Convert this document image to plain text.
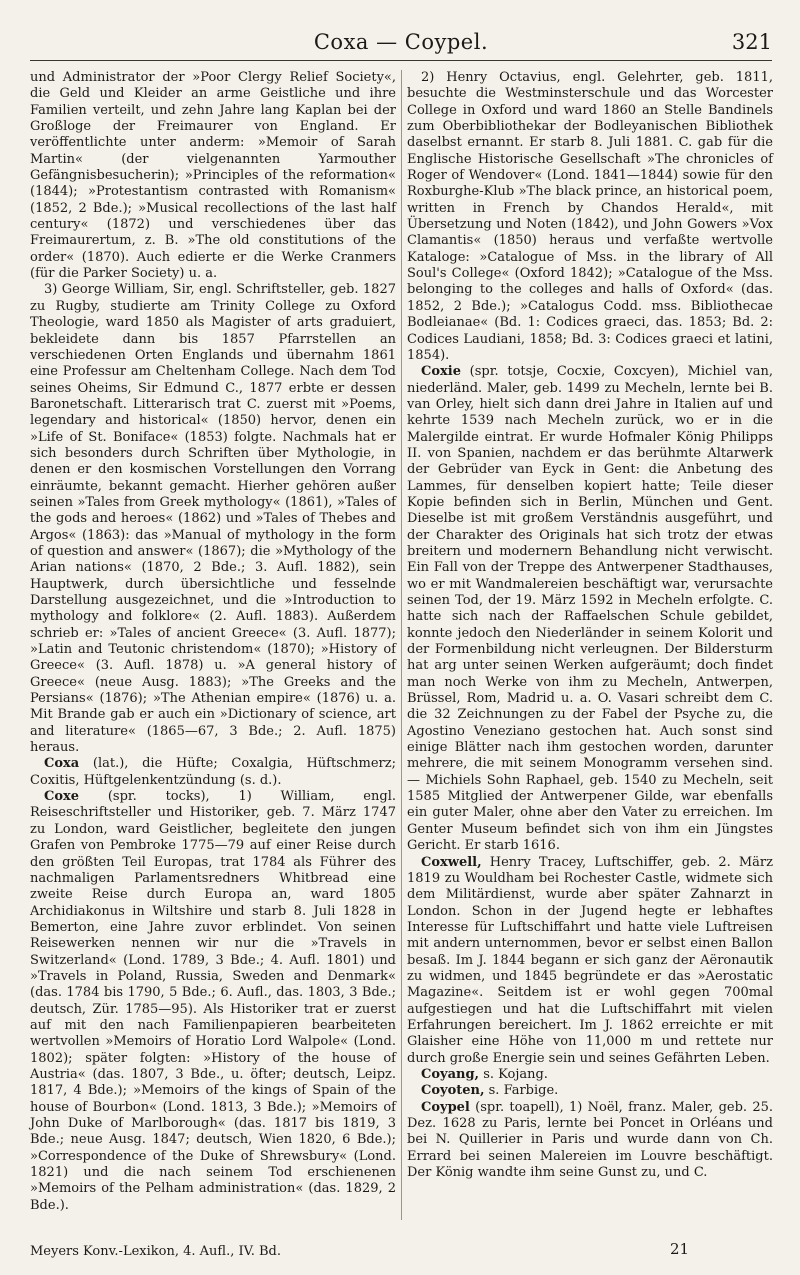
Coxa — Coypel.	321

und Administrator der »Poor Clergy Relief Society«, die Geld und Kleider an arme Geistliche und ihre Familien verteilt, und zehn Jahre lang Kaplan bei der Großloge der Freimaurer von England. Er veröffentlichte unter anderm: »Memoir of Sarah Martin« (der vielgenannten Yarmouther Gefängnisbesucherin); »Principles of the reformation« (1844); »Protestantism contrasted with Romanism« (1852, 2 Bde.); »Musical recollections of the last half century« (1872) und verschiedenes über das Freimaurertum, z. B. »The old constitutions of the order« (1870). Auch edierte er die Werke Cranmers (für die Parker Society) u. a.

3) George William, Sir, engl. Schriftsteller, geb. 1827 zu Rugby, studierte am Trinity College zu Oxford Theologie, ward 1850 als Magister of arts graduiert, bekleidete dann bis 1857 Pfarrstellen an verschiedenen Orten Englands und übernahm 1861 eine Professur am Cheltenham College. Nach dem Tod seines Oheims, Sir Edmund C., 1877 erbte er dessen Baronetschaft. Litterarisch trat C. zuerst mit »Poems, legendary and historical« (1850) hervor, denen ein »Life of St. Boniface« (1853) folgte. Nachmals hat er sich besonders durch Schriften über Mythologie, in denen er den kosmischen Vorstellungen den Vorrang einräumte, bekannt gemacht. Hierher gehören außer seinen »Tales from Greek mythology« (1861), »Tales of the gods and heroes« (1862) und »Tales of Thebes and Argos« (1863): das »Manual of mythology in the form of question and answer« (1867); die »Mythology of the Arian nations« (1870, 2 Bde.; 3. Aufl. 1882), sein Hauptwerk, durch übersichtliche und fesselnde Darstellung ausgezeichnet, und die »Introduction to mythology and folklore« (2. Aufl. 1883). Außerdem schrieb er: »Tales of ancient Greece« (3. Aufl. 1877); »Latin and Teutonic christendom« (1870); »History of Greece« (3. Aufl. 1878) u. »A general history of Greece« (neue Ausg. 1883); »The Greeks and the Persians« (1876); »The Athenian empire« (1876) u. a. Mit Brande gab er auch ein »Dictionary of science, art and literature« (1865—67, 3 Bde.; 2. Aufl. 1875) heraus.

Coxa (lat.), die Hüfte; Coxalgia, Hüftschmerz; Coxitis, Hüftgelenkentzündung (s. d.).

Coxe (spr. tocks), 1) William, engl. Reiseschriftsteller und Historiker, geb. 7. März 1747 zu London, ward Geistlicher, begleitete den jungen Grafen von Pembroke 1775—79 auf einer Reise durch den größten Teil Europas, trat 1784 als Führer des nachmaligen Parlamentsredners Whitbread eine zweite Reise durch Europa an, ward 1805 Archidiakonus in Wiltshire und starb 8. Juli 1828 in Bemerton, eine Jahre zuvor erblindet. Von seinen Reisewerken nennen wir nur die »Travels in Switzerland« (Lond. 1789, 3 Bde.; 4. Aufl. 1801) und »Travels in Poland, Russia, Sweden and Denmark« (das. 1784 bis 1790, 5 Bde.; 6. Aufl., das. 1803, 3 Bde.; deutsch, Zür. 1785—95). Als Historiker trat er zuerst auf mit den nach Familienpapieren bearbeiteten wertvollen »Memoirs of Horatio Lord Walpole« (Lond. 1802); später folgten: »History of the house of Austria« (das. 1807, 3 Bde., u. öfter; deutsch, Leipz. 1817, 4 Bde.); »Memoirs of the kings of Spain of the house of Bourbon« (Lond. 1813, 3 Bde.); »Memoirs of John Duke of Marlborough« (das. 1817 bis 1819, 3 Bde.; neue Ausg. 1847; deutsch, Wien 1820, 6 Bde.); »Correspondence of the Duke of Shrewsbury« (Lond. 1821) und die nach seinem Tod erschienenen »Memoirs of the Pelham administration« (das. 1829, 2 Bde.).

2) Henry Octavius, engl. Gelehrter, geb. 1811, besuchte die Westminsterschule und das Worcester College in Oxford und ward 1860 an Stelle Bandinels zum Oberbibliothekar der Bodleyanischen Bibliothek daselbst ernannt. Er starb 8. Juli 1881. C. gab für die Englische Historische Gesellschaft »The chronicles of Roger of Wendover« (Lond. 1841—1844) sowie für den Roxburghe-Klub »The black prince, an historical poem, written in French by Chandos Herald«, mit Übersetzung und Noten (1842), und John Gowers »Vox Clamantis« (1850) heraus und verfaßte wertvolle Kataloge: »Catalogue of Mss. in the library of All Soul's College« (Oxford 1842); »Catalogue of the Mss. belonging to the colleges and halls of Oxford« (das. 1852, 2 Bde.); »Catalogus Codd. mss. Bibliothecae Bodleianae« (Bd. 1: Codices graeci, das. 1853; Bd. 2: Codices Laudiani, 1858; Bd. 3: Codices graeci et latini, 1854).

Coxie (spr. totsje, Cocxie, Coxcyen), Michiel van, niederländ. Maler, geb. 1499 zu Mecheln, lernte bei B. van Orley, hielt sich dann drei Jahre in Italien auf und kehrte 1539 nach Mecheln zurück, wo er in die Malergilde eintrat. Er wurde Hofmaler König Philipps II. von Spanien, nachdem er das berühmte Altarwerk der Gebrüder van Eyck in Gent: die Anbetung des Lammes, für denselben kopiert hatte; Teile dieser Kopie befinden sich in Berlin, München und Gent. Dieselbe ist mit großem Verständnis ausgeführt, und der Charakter des Originals hat sich trotz der etwas breitern und modernern Behandlung nicht verwischt. Ein Fall von der Treppe des Antwerpener Stadthauses, wo er mit Wandmalereien beschäftigt war, verursachte seinen Tod, der 19. März 1592 in Mecheln erfolgte. C. hatte sich nach der Raffaelschen Schule gebildet, konnte jedoch den Niederländer in seinem Kolorit und der Formenbildung nicht verleugnen. Der Bildersturm hat arg unter seinen Werken aufgeräumt; doch findet man noch Werke von ihm zu Mecheln, Antwerpen, Brüssel, Rom, Madrid u. a. O. Vasari schreibt dem C. die 32 Zeichnungen zu der Fabel der Psyche zu, die Agostino Veneziano gestochen hat. Auch sonst sind einige Blätter nach ihm gestochen worden, darunter mehrere, die mit seinem Monogramm versehen sind. — Michiels Sohn Raphael, geb. 1540 zu Mecheln, seit 1585 Mitglied der Antwerpener Gilde, war ebenfalls ein guter Maler, ohne aber den Vater zu erreichen. Im Genter Museum befindet sich von ihm ein Jüngstes Gericht. Er starb 1616.

Coxwell, Henry Tracey, Luftschiffer, geb. 2. März 1819 zu Wouldham bei Rochester Castle, widmete sich dem Militärdienst, wurde aber später Zahnarzt in London. Schon in der Jugend hegte er lebhaftes Interesse für Luftschiffahrt und hatte viele Luftreisen mit andern unternommen, bevor er selbst einen Ballon besaß. Im J. 1844 begann er sich ganz der Aëronautik zu widmen, und 1845 begründete er das »Aerostatic Magazine«. Seitdem ist er wohl gegen 700mal aufgestiegen und hat die Luftschiffahrt mit vielen Erfahrungen bereichert. Im J. 1862 erreichte er mit Glaisher eine Höhe von 11,000 m und rettete nur durch große Energie sein und seines Gefährten Leben.

Coyang, s. Kojang.

Coyoten, s. Farbige.

Coypel (spr. toapell), 1) Noël, franz. Maler, geb. 25. Dez. 1628 zu Paris, lernte bei Poncet in Orléans und bei N. Quillerier in Paris und wurde dann von Ch. Errard bei seinen Malereien im Louvre beschäftigt. Der König wandte ihm seine Gunst zu, und C.

Meyers Konv.-Lexikon, 4. Aufl., IV. Bd.	21
